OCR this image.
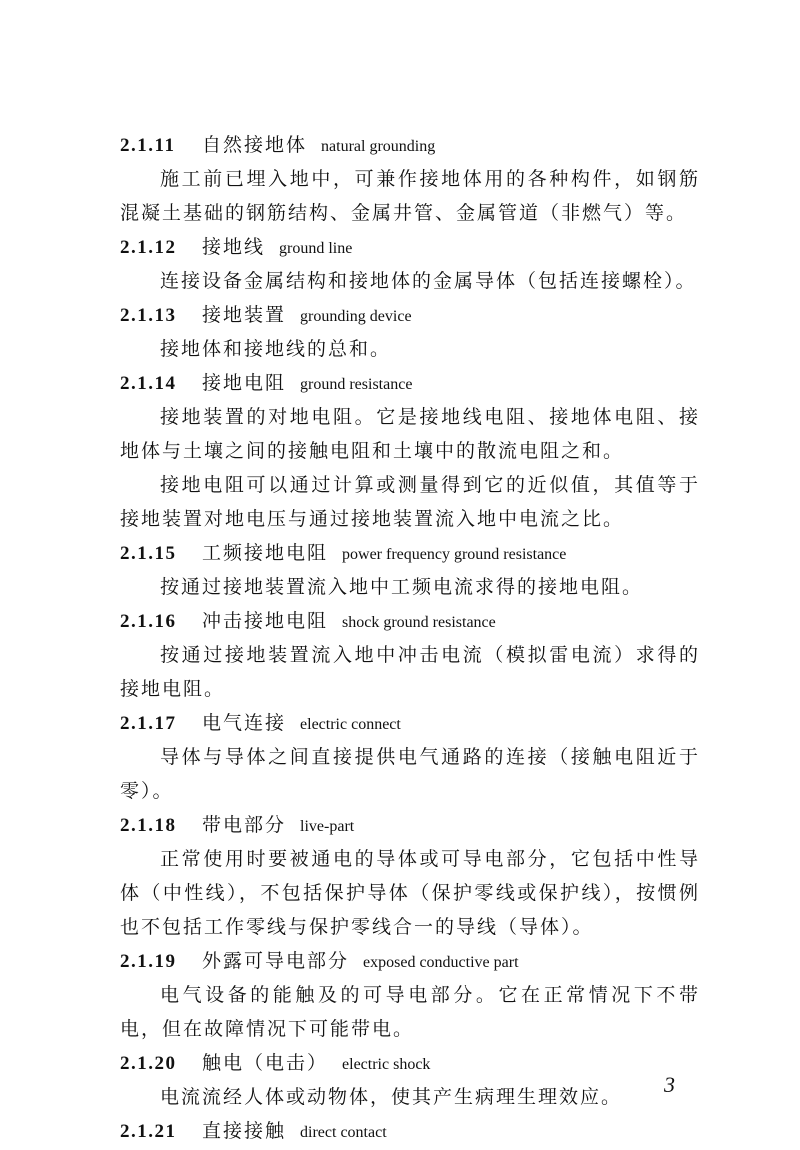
2.1.11	自然接地体 natural grounding

施工前已埋入地中，可兼作接地体用的各种构件，如钢筋混凝土基础的钢筋结构、金属井管、金属管道（非燃气）等。

2.1.12	接地线 ground line

连接设备金属结构和接地体的金属导体（包括连接螺栓）。

2.1.13	接地装置 grounding device

接地体和接地线的总和。

2.1.14	接地电阻 ground resistance

接地装置的对地电阻。它是接地线电阻、接地体电阻、接地体与土壤之间的接触电阻和土壤中的散流电阻之和。

接地电阻可以通过计算或测量得到它的近似值，其值等于接地装置对地电压与通过接地装置流入地中电流之比。

2.1.15	工频接地电阻 power frequency ground resistance

按通过接地装置流入地中工频电流求得的接地电阻。

2.1.16	冲击接地电阻 shock ground resistance

按通过接地装置流入地中冲击电流（模拟雷电流）求得的接地电阻。

2.1.17	电气连接 electric connect

导体与导体之间直接提供电气通路的连接（接触电阻近于零）。

2.1.18	带电部分 live-part

正常使用时要被通电的导体或可导电部分，它包括中性导体（中性线），不包括保护导体（保护零线或保护线），按惯例也不包括工作零线与保护零线合一的导线（导体）。

2.1.19	外露可导电部分 exposed conductive part

电气设备的能触及的可导电部分。它在正常情况下不带电，但在故障情况下可能带电。

2.1.20	触电（电击） electric shock

电流流经人体或动物体，使其产生病理生理效应。

2.1.21	直接接触 direct contact
3
